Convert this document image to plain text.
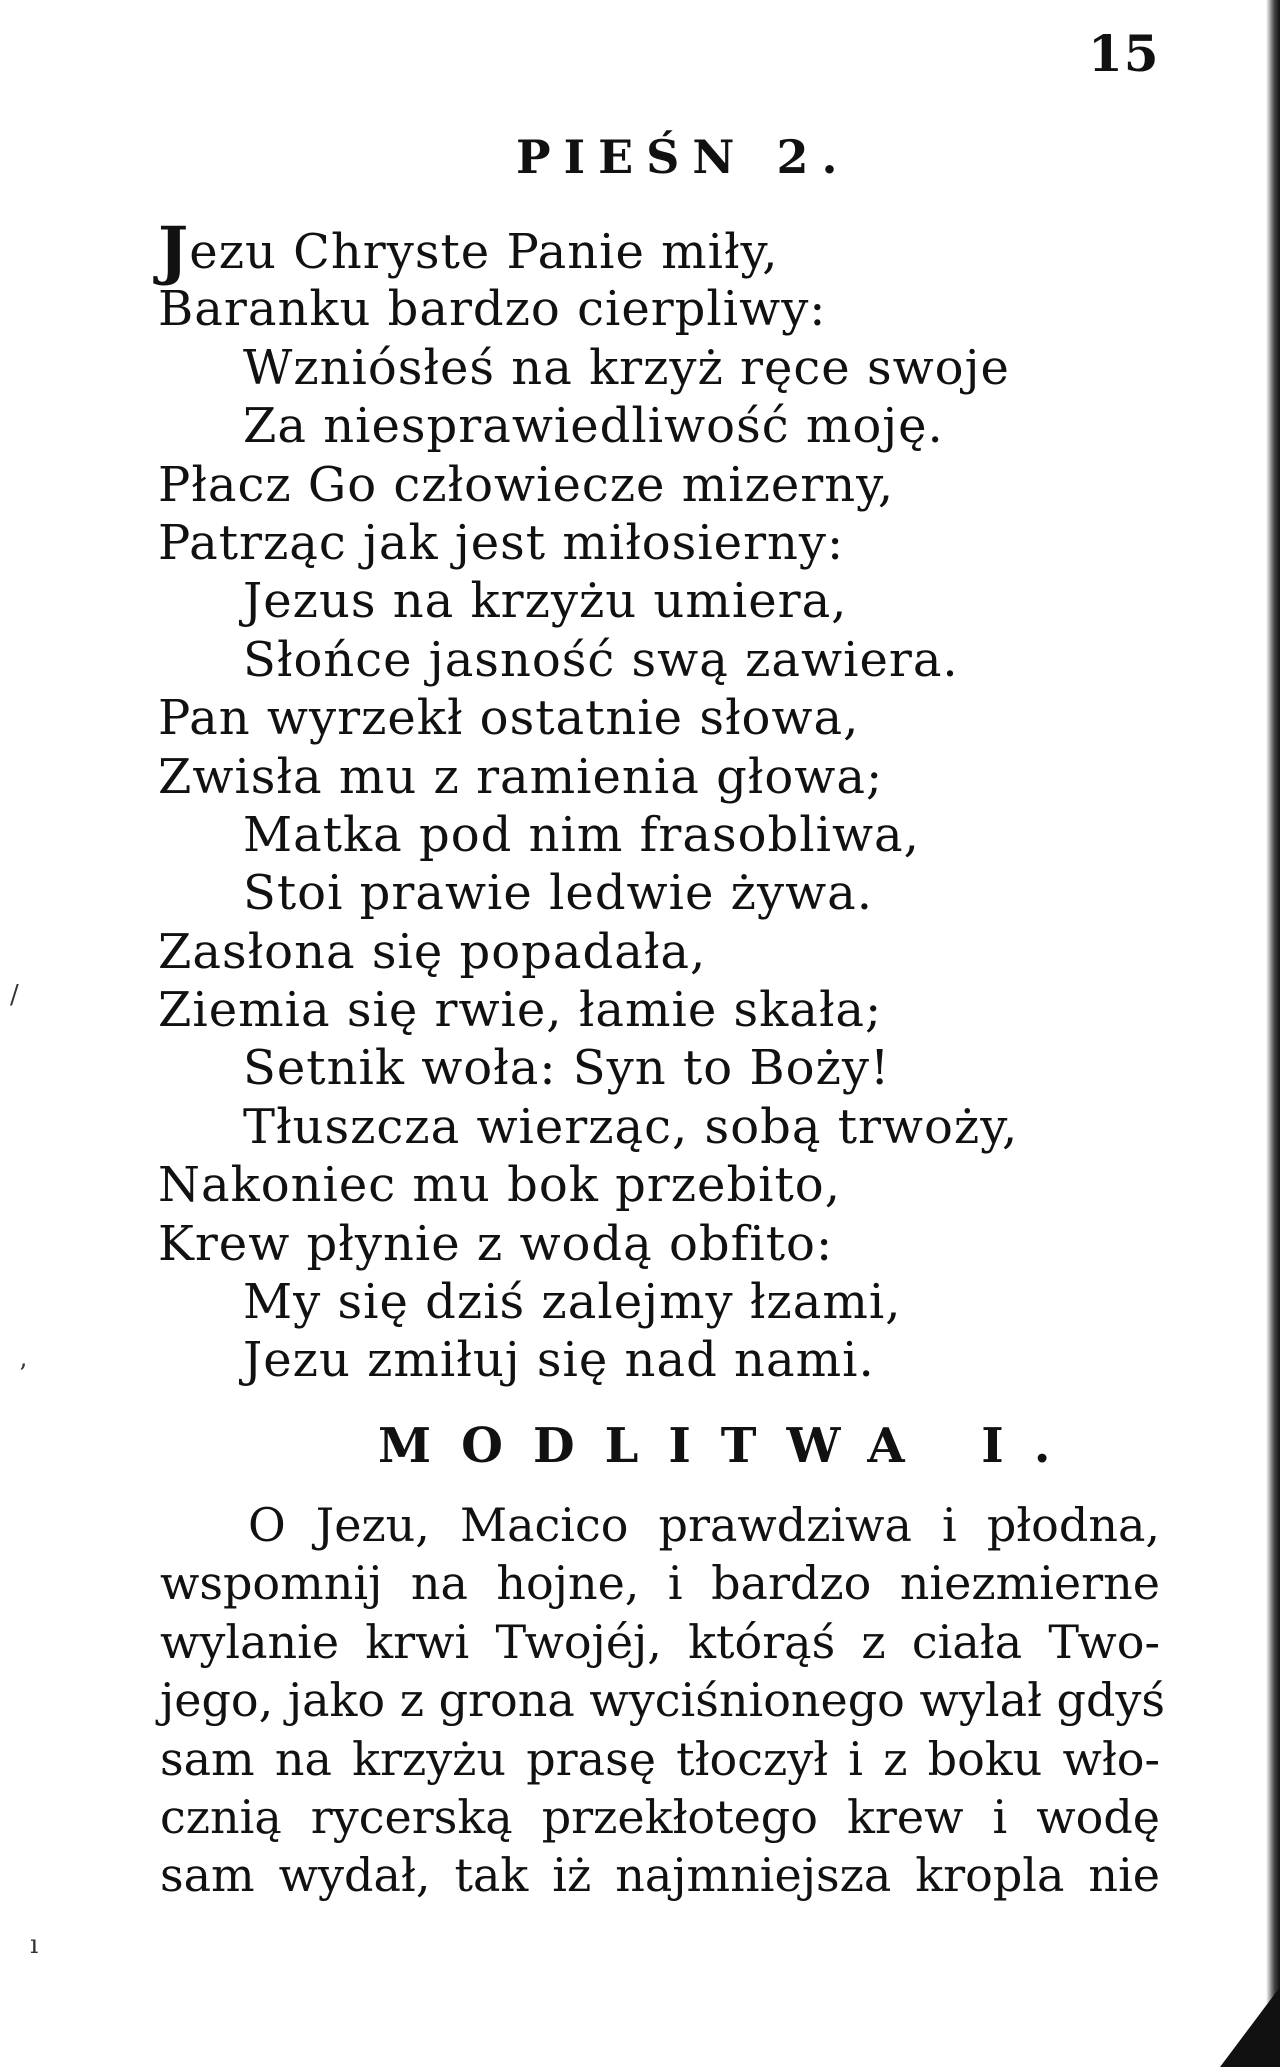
15
PIEŚN 2.
Jezu Chryste Panie miły,
Baranku bardzo cierpliwy:
Wzniósłeś na krzyż ręce swoje
Za niesprawiedliwość moję.
Płacz Go człowiecze mizerny,
Patrząc jak jest miłosierny:
Jezus na krzyżu umiera,
Słońce jasność swą zawiera.
Pan wyrzekł ostatnie słowa,
Zwisła mu z ramienia głowa;
Matka pod nim frasobliwa,
Stoi prawie ledwie żywa.
Zasłona się popadała,
Ziemia się rwie, łamie skała;
Setnik woła: Syn to Boży!
Tłuszcza wierząc, sobą trwoży,
Nakoniec mu bok przebito,
Krew płynie z wodą obfito:
My się dziś zalejmy łzami,
Jezu zmiłuj się nad nami.
MODLITWA I.
O Jezu, Macico prawdziwa i płodna,
wspomnij na hojne, i bardzo niezmierne
wylanie krwi Twojéj, którąś z ciała Two-
jego, jako z grona wyciśnionego wylał gdyś
sam na krzyżu prasę tłoczył i z boku wło-
cznią rycerską przekłotego krew i wodę
sam wydał, tak iż najmniejsza kropla nie
/
ʼ
ı
